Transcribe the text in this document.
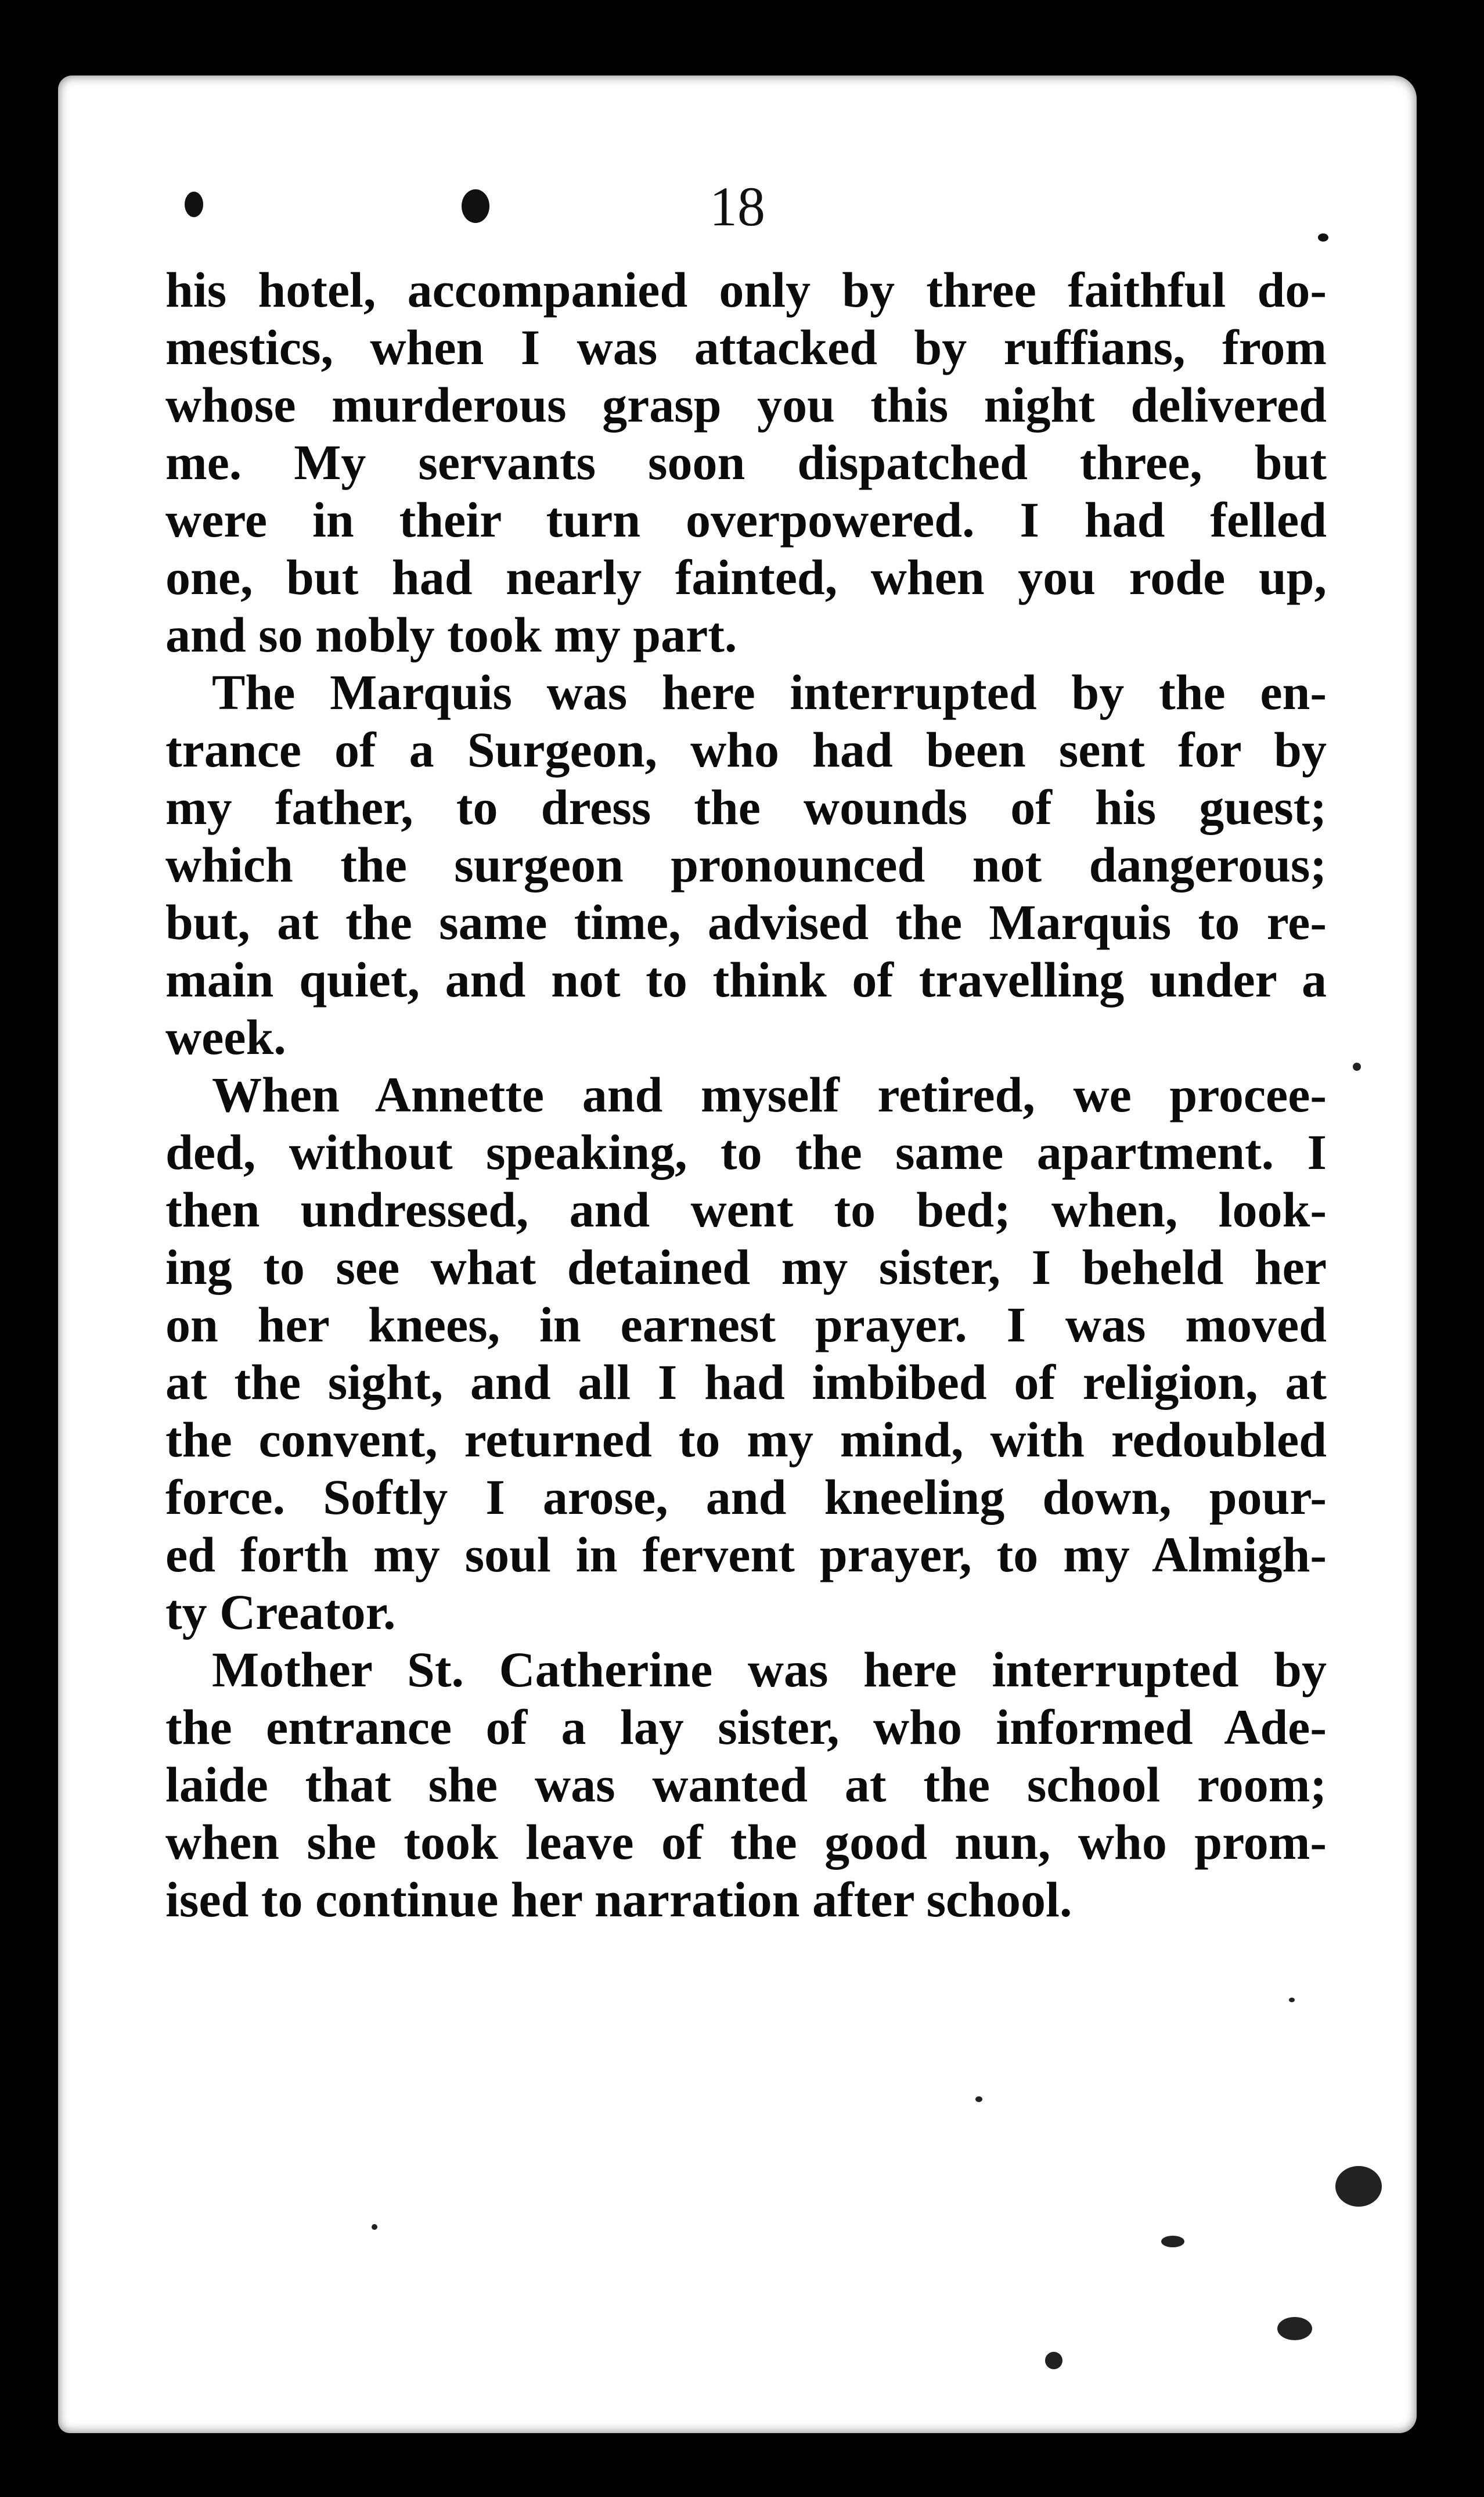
18
his hotel, accompanied only by three faithful do-
mestics, when I was attacked by ruffians, from
whose murderous grasp you this night delivered
me. My servants soon dispatched three, but
were in their turn overpowered. I had felled
one, but had nearly fainted, when you rode up,
and so nobly took my part.
The Marquis was here interrupted by the en-
trance of a Surgeon, who had been sent for by
my father, to dress the wounds of his guest;
which the surgeon pronounced not dangerous;
but, at the same time, advised the Marquis to re-
main quiet, and not to think of travelling under a
week.
When Annette and myself retired, we procee-
ded, without speaking, to the same apartment. I
then undressed, and went to bed; when, look-
ing to see what detained my sister, I beheld her
on her knees, in earnest prayer. I was moved
at the sight, and all I had imbibed of religion, at
the convent, returned to my mind, with redoubled
force. Softly I arose, and kneeling down, pour-
ed forth my soul in fervent prayer, to my Almigh-
ty Creator.
Mother St. Catherine was here interrupted by
the entrance of a lay sister, who informed Ade-
laide that she was wanted at the school room;
when she took leave of the good nun, who prom-
ised to continue her narration after school.
